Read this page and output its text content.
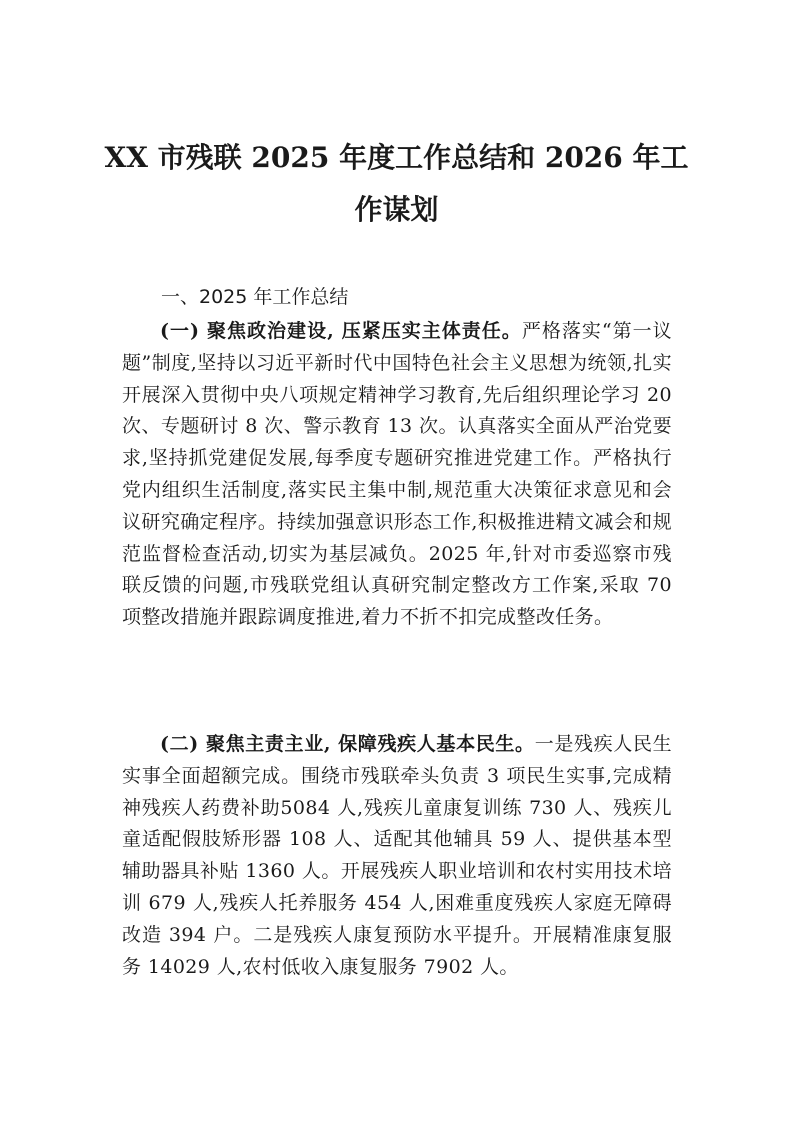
XX 市残联 2025 年度工作总结和 2026 年工作谋划

一、2025 年工作总结

(一) 聚焦政治建设, 压紧压实主体责任。严格落实“第一议题”制度,坚持以习近平新时代中国特色社会主义思想为统领,扎实开展深入贯彻中央八项规定精神学习教育,先后组织理论学习 20 次、专题研讨 8 次、警示教育 13 次。认真落实全面从严治党要求,坚持抓党建促发展,每季度专题研究推进党建工作。严格执行党内组织生活制度,落实民主集中制,规范重大决策征求意见和会议研究确定程序。持续加强意识形态工作,积极推进精文减会和规范监督检查活动,切实为基层减负。2025 年,针对市委巡察市残联反馈的问题,市残联党组认真研究制定整改方工作案,采取 70 项整改措施并跟踪调度推进,着力不折不扣完成整改任务。

(二) 聚焦主责主业, 保障残疾人基本民生。一是残疾人民生实事全面超额完成。围绕市残联牵头负责 3 项民生实事,完成精神残疾人药费补助5084 人,残疾儿童康复训练 730 人、残疾儿童适配假肢矫形器 108 人、适配其他辅具 59 人、提供基本型辅助器具补贴 1360 人。开展残疾人职业培训和农村实用技术培训 679 人,残疾人托养服务 454 人,困难重度残疾人家庭无障碍改造 394 户。二是残疾人康复预防水平提升。开展精准康复服务 14029 人,农村低收入康复服务 7902 人。
